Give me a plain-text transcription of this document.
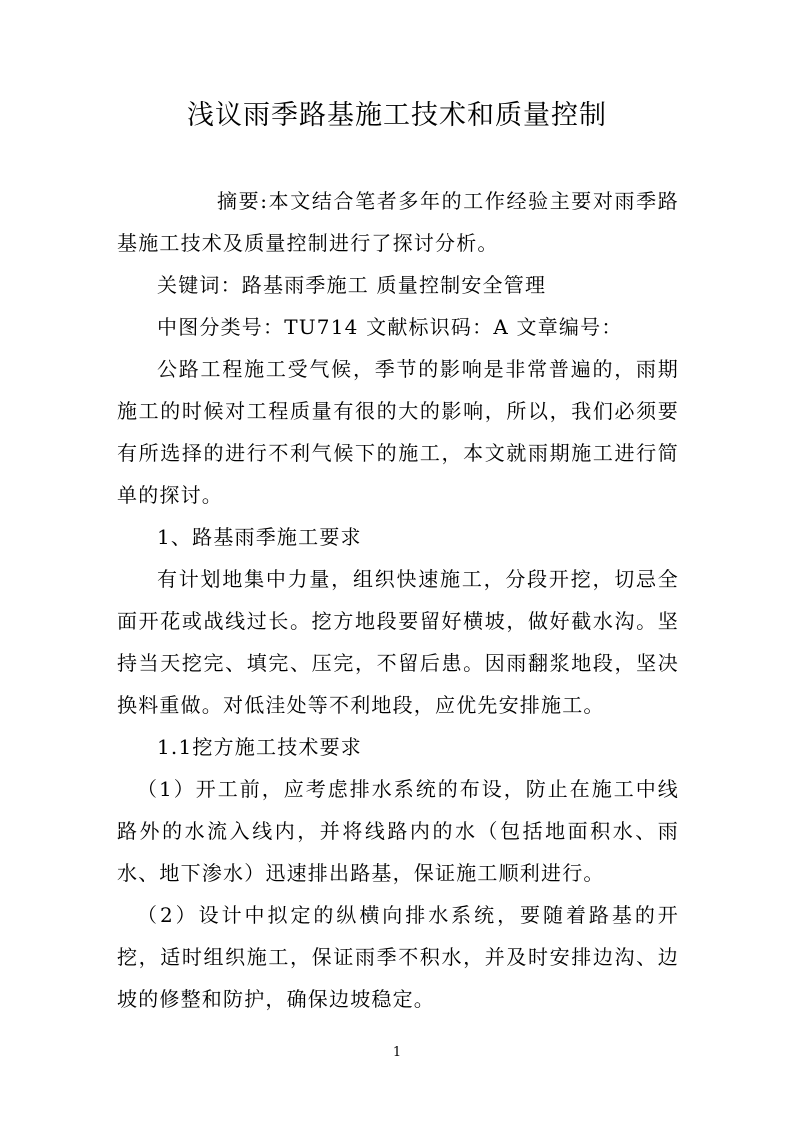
浅议雨季路基施工技术和质量控制

摘要:本文结合笔者多年的工作经验主要对雨季路基施工技术及质量控制进行了探讨分析。

关键词：路基雨季施工 质量控制安全管理

中图分类号：TU714 文献标识码：A 文章编号：

公路工程施工受气候，季节的影响是非常普遍的，雨期施工的时候对工程质量有很的大的影响，所以，我们必须要有所选择的进行不利气候下的施工，本文就雨期施工进行简单的探讨。

1、路基雨季施工要求

有计划地集中力量，组织快速施工，分段开挖，切忌全面开花或战线过长。挖方地段要留好横坡，做好截水沟。坚持当天挖完、填完、压完，不留后患。因雨翻浆地段，坚决换料重做。对低洼处等不利地段，应优先安排施工。

1.1挖方施工技术要求

（1）开工前，应考虑排水系统的布设，防止在施工中线路外的水流入线内，并将线路内的水（包括地面积水、雨水、地下渗水）迅速排出路基，保证施工顺利进行。

（2）设计中拟定的纵横向排水系统，要随着路基的开挖，适时组织施工，保证雨季不积水，并及时安排边沟、边坡的修整和防护，确保边坡稳定。

1
